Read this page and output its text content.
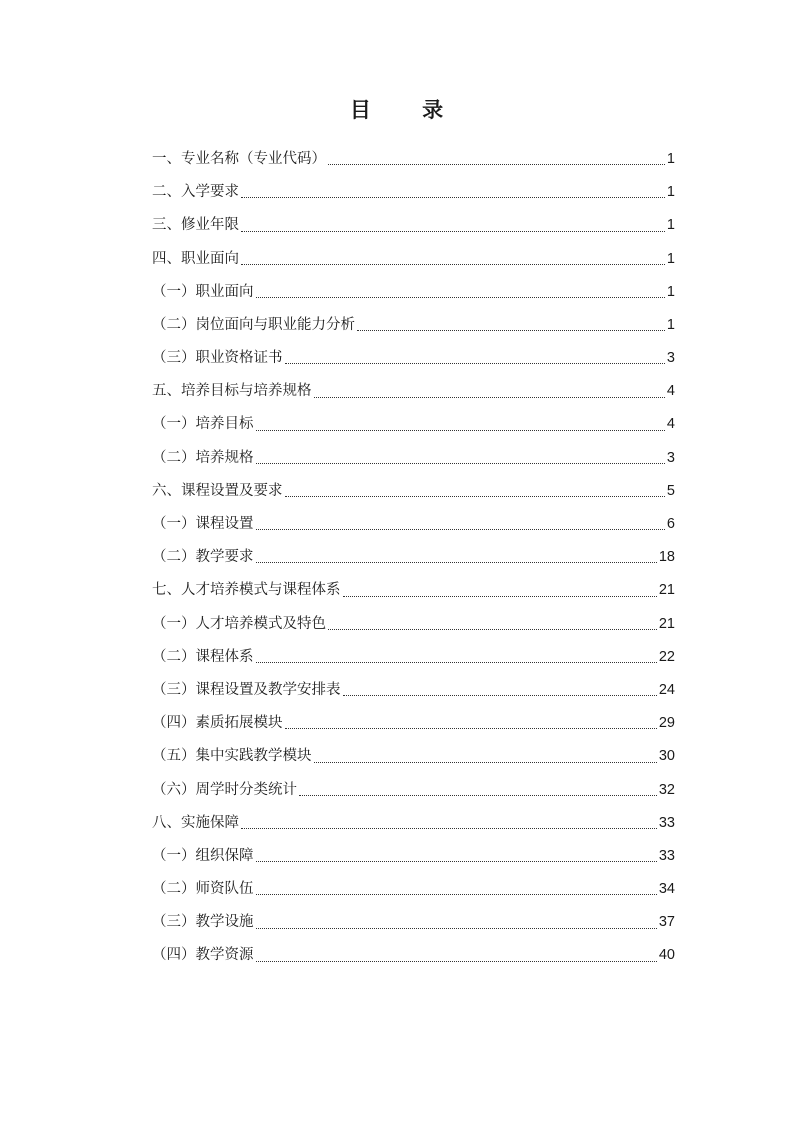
目 录
一、专业名称（专业代码）	1
二、入学要求	1
三、修业年限	1
四、职业面向	1
（一）职业面向	1
（二）岗位面向与职业能力分析	1
（三）职业资格证书	3
五、培养目标与培养规格	4
（一）培养目标	4
（二）培养规格	3
六、课程设置及要求	5
（一）课程设置	6
（二）教学要求	18
七、人才培养模式与课程体系	21
（一）人才培养模式及特色	21
（二）课程体系	22
（三）课程设置及教学安排表	24
（四）素质拓展模块	29
（五）集中实践教学模块	30
（六）周学时分类统计	32
八、实施保障	33
（一）组织保障	33
（二）师资队伍	34
（三）教学设施	37
（四）教学资源	40
